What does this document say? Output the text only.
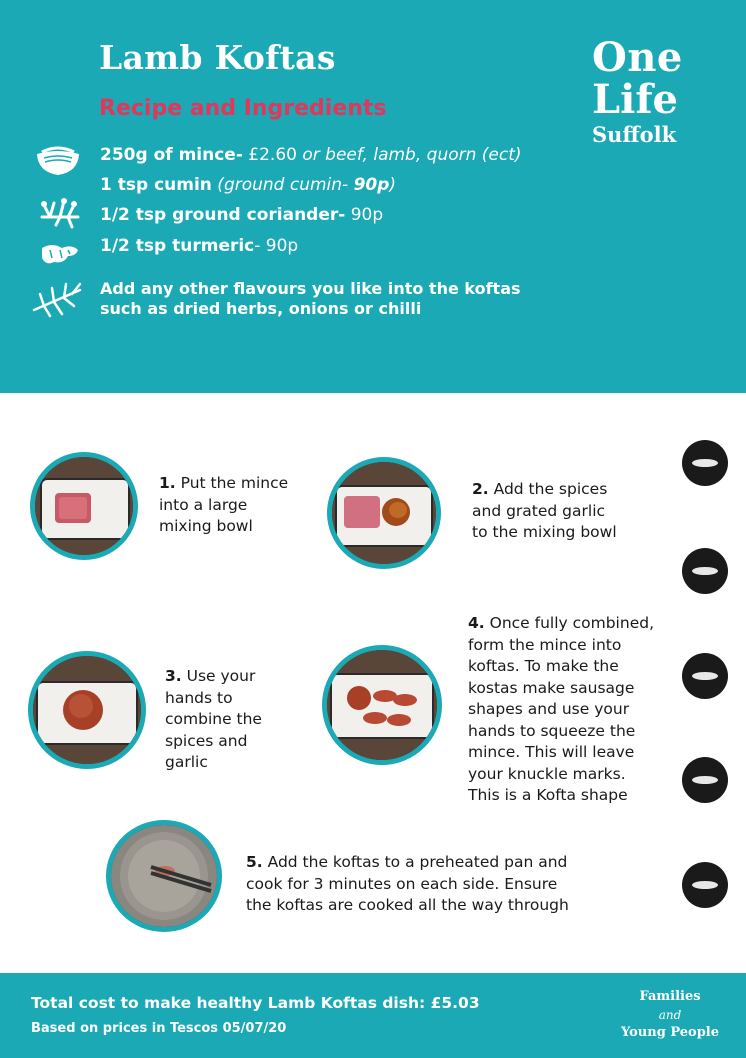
Lamb Koftas
Recipe and Ingredients
One
Life
Suffolk
250g of mince- £2.60 or beef, lamb, quorn (ect)
1 tsp cumin (ground cumin- 90p)
1/2 tsp ground coriander- 90p
1/2 tsp turmeric- 90p
Add any other flavours you like into the koftas
such as dried herbs, onions or chilli
1. Put the mince into a large mixing bowl
2. Add the spices and grated garlic to the mixing bowl
3. Use your hands to combine the spices and garlic
4. Once fully combined, form the mince into koftas. To make the kostas make sausage shapes and use your hands to squeeze the mince. This will leave your knuckle marks. This is a Kofta shape
5. Add the koftas to a preheated pan and cook for 3 minutes on each side. Ensure the koftas are cooked all the way through
Total cost to make healthy Lamb Koftas dish: £5.03
Based on prices in Tescos 05/07/20
Families
and
Young People
